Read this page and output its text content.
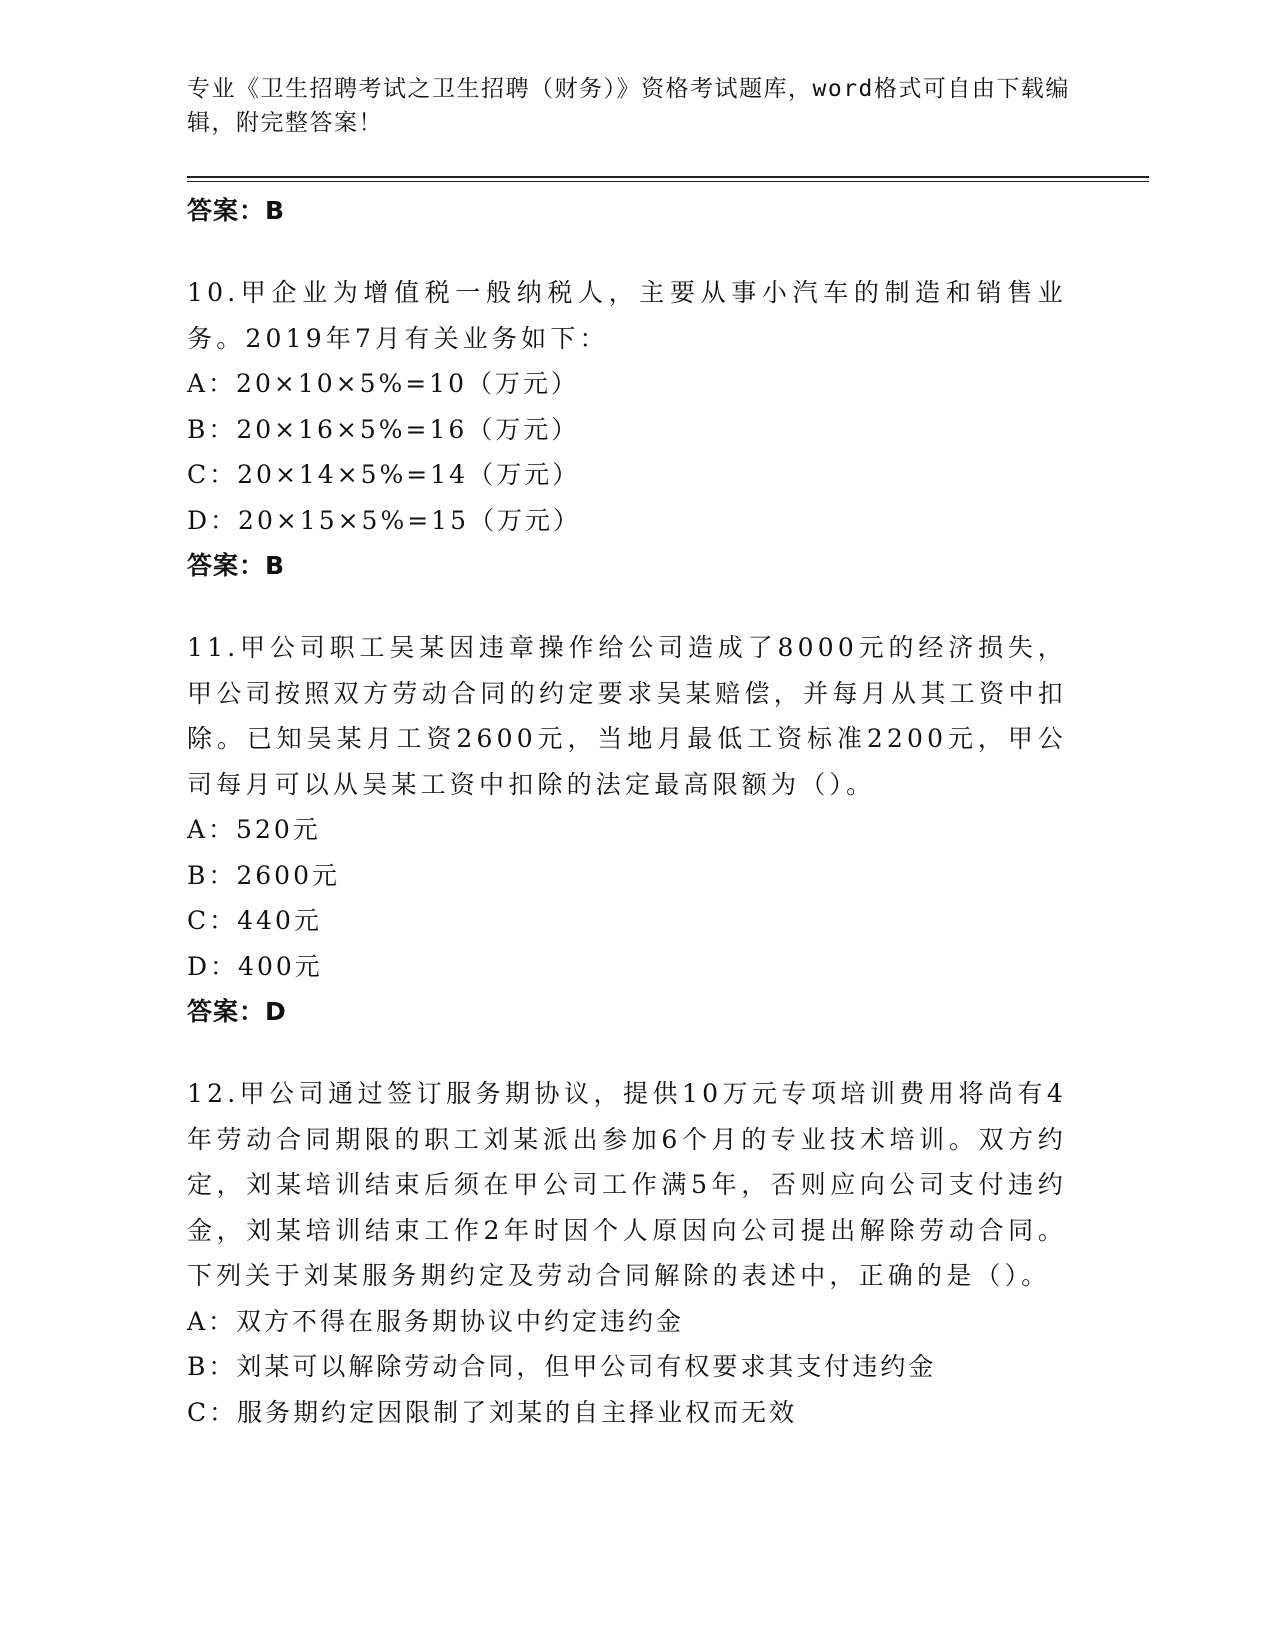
专业《卫生招聘考试之卫生招聘（财务）》资格考试题库，word格式可自由下载编辑，附完整答案！
答案：B
10.甲企业为增值税一般纳税人，主要从事小汽车的制造和销售业务。2019年7月有关业务如下：
A：20×10×5%=10（万元）
B：20×16×5%=16（万元）
C：20×14×5%=14（万元）
D：20×15×5%=15（万元）
答案：B
11.甲公司职工吴某因违章操作给公司造成了8000元的经济损失，甲公司按照双方劳动合同的约定要求吴某赔偿，并每月从其工资中扣除。已知吴某月工资2600元，当地月最低工资标准2200元，甲公司每月可以从吴某工资中扣除的法定最高限额为（）。
A：520元
B：2600元
C：440元
D：400元
答案：D
12.甲公司通过签订服务期协议，提供10万元专项培训费用将尚有4年劳动合同期限的职工刘某派出参加6个月的专业技术培训。双方约定，刘某培训结束后须在甲公司工作满5年，否则应向公司支付违约金，刘某培训结束工作2年时因个人原因向公司提出解除劳动合同。下列关于刘某服务期约定及劳动合同解除的表述中，正确的是（）。
A：双方不得在服务期协议中约定违约金
B：刘某可以解除劳动合同，但甲公司有权要求其支付违约金
C：服务期约定因限制了刘某的自主择业权而无效
